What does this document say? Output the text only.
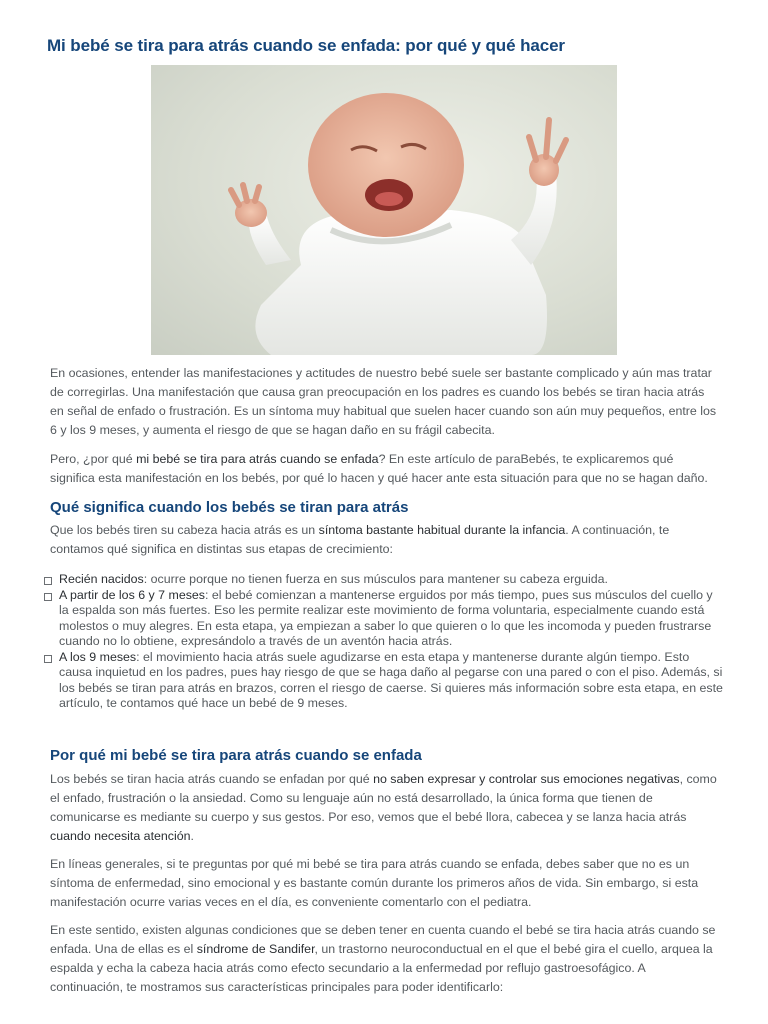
Mi bebé se tira para atrás cuando se enfada: por qué y qué hacer

En ocasiones, entender las manifestaciones y actitudes de nuestro bebé suele ser bastante complicado y aún mas tratar de corregirlas. Una manifestación que causa gran preocupación en los padres es cuando los bebés se tiran hacia atrás en señal de enfado o frustración. Es un síntoma muy habitual que suelen hacer cuando son aún muy pequeños, entre los 6 y los 9 meses, y aumenta el riesgo de que se hagan daño en su frágil cabecita.

Pero, ¿por qué mi bebé se tira para atrás cuando se enfada? En este artículo de paraBebés, te explicaremos qué significa esta manifestación en los bebés, por qué lo hacen y qué hacer ante esta situación para que no se hagan daño.

Qué significa cuando los bebés se tiran para atrás

Que los bebés tiren su cabeza hacia atrás es un síntoma bastante habitual durante la infancia. A continuación, te contamos qué significa en distintas sus etapas de crecimiento:

Recién nacidos: ocurre porque no tienen fuerza en sus músculos para mantener su cabeza erguida.
A partir de los 6 y 7 meses: el bebé comienzan a mantenerse erguidos por más tiempo, pues sus músculos del cuello y la espalda son más fuertes. Eso les permite realizar este movimiento de forma voluntaria, especialmente cuando está molestos o muy alegres. En esta etapa, ya empiezan a saber lo que quieren o lo que les incomoda y pueden frustrarse cuando no lo obtiene, expresándolo a través de un aventón hacia atrás.
A los 9 meses: el movimiento hacia atrás suele agudizarse en esta etapa y mantenerse durante algún tiempo. Esto causa inquietud en los padres, pues hay riesgo de que se haga daño al pegarse con una pared o con el piso. Además, si los bebés se tiran para atrás en brazos, corren el riesgo de caerse. Si quieres más información sobre esta etapa, en este artículo, te contamos qué hace un bebé de 9 meses.
Por qué mi bebé se tira para atrás cuando se enfada

Los bebés se tiran hacia atrás cuando se enfadan por qué no saben expresar y controlar sus emociones negativas, como el enfado, frustración o la ansiedad. Como su lenguaje aún no está desarrollado, la única forma que tienen de comunicarse es mediante su cuerpo y sus gestos. Por eso, vemos que el bebé llora, cabecea y se lanza hacia atrás cuando necesita atención.

En líneas generales, si te preguntas por qué mi bebé se tira para atrás cuando se enfada, debes saber que no es un síntoma de enfermedad, sino emocional y es bastante común durante los primeros años de vida. Sin embargo, si esta manifestación ocurre varias veces en el día, es conveniente comentarlo con el pediatra.

En este sentido, existen algunas condiciones que se deben tener en cuenta cuando el bebé se tira hacia atrás cuando se enfada. Una de ellas es el síndrome de Sandifer, un trastorno neuroconductual en el que el bebé gira el cuello, arquea la espalda y echa la cabeza hacia atrás como efecto secundario a la enfermedad por reflujo gastroesofágico. A continuación, te mostramos sus características principales para poder identificarlo:
